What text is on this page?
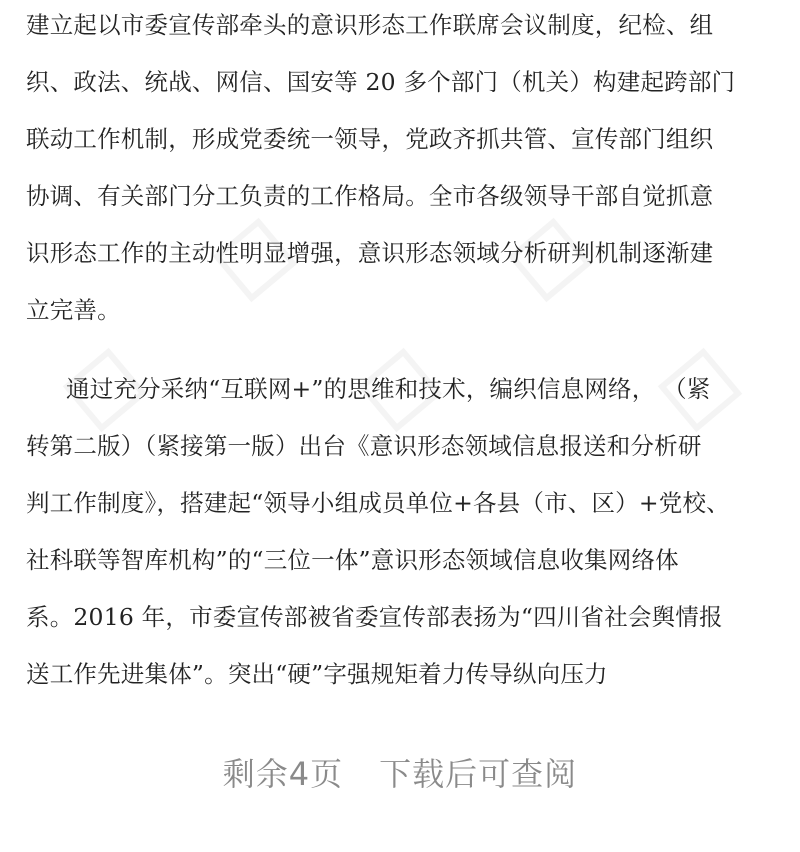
建立起以市委宣传部牵头的意识形态工作联席会议制度，纪检、组
织、政法、统战、网信、国安等 20 多个部门（机关）构建起跨部门
联动工作机制，形成党委统一领导，党政齐抓共管、宣传部门组织
协调、有关部门分工负责的工作格局。全市各级领导干部自觉抓意
识形态工作的主动性明显增强，意识形态领域分析研判机制逐渐建
立完善。
通过充分采纳“互联网+”的思维和技术，编织信息网络， （紧
转第二版）（紧接第一版）出台《意识形态领域信息报送和分析研
判工作制度》，搭建起“领导小组成员单位+各县（市、区）+党校、
社科联等智库机构”的“三位一体”意识形态领域信息收集网络体
系。2016 年，市委宣传部被省委宣传部表扬为“四川省社会舆情报
送工作先进集体”。突出“硬”字强规矩着力传导纵向压力
剩余4页 下载后可查阅
